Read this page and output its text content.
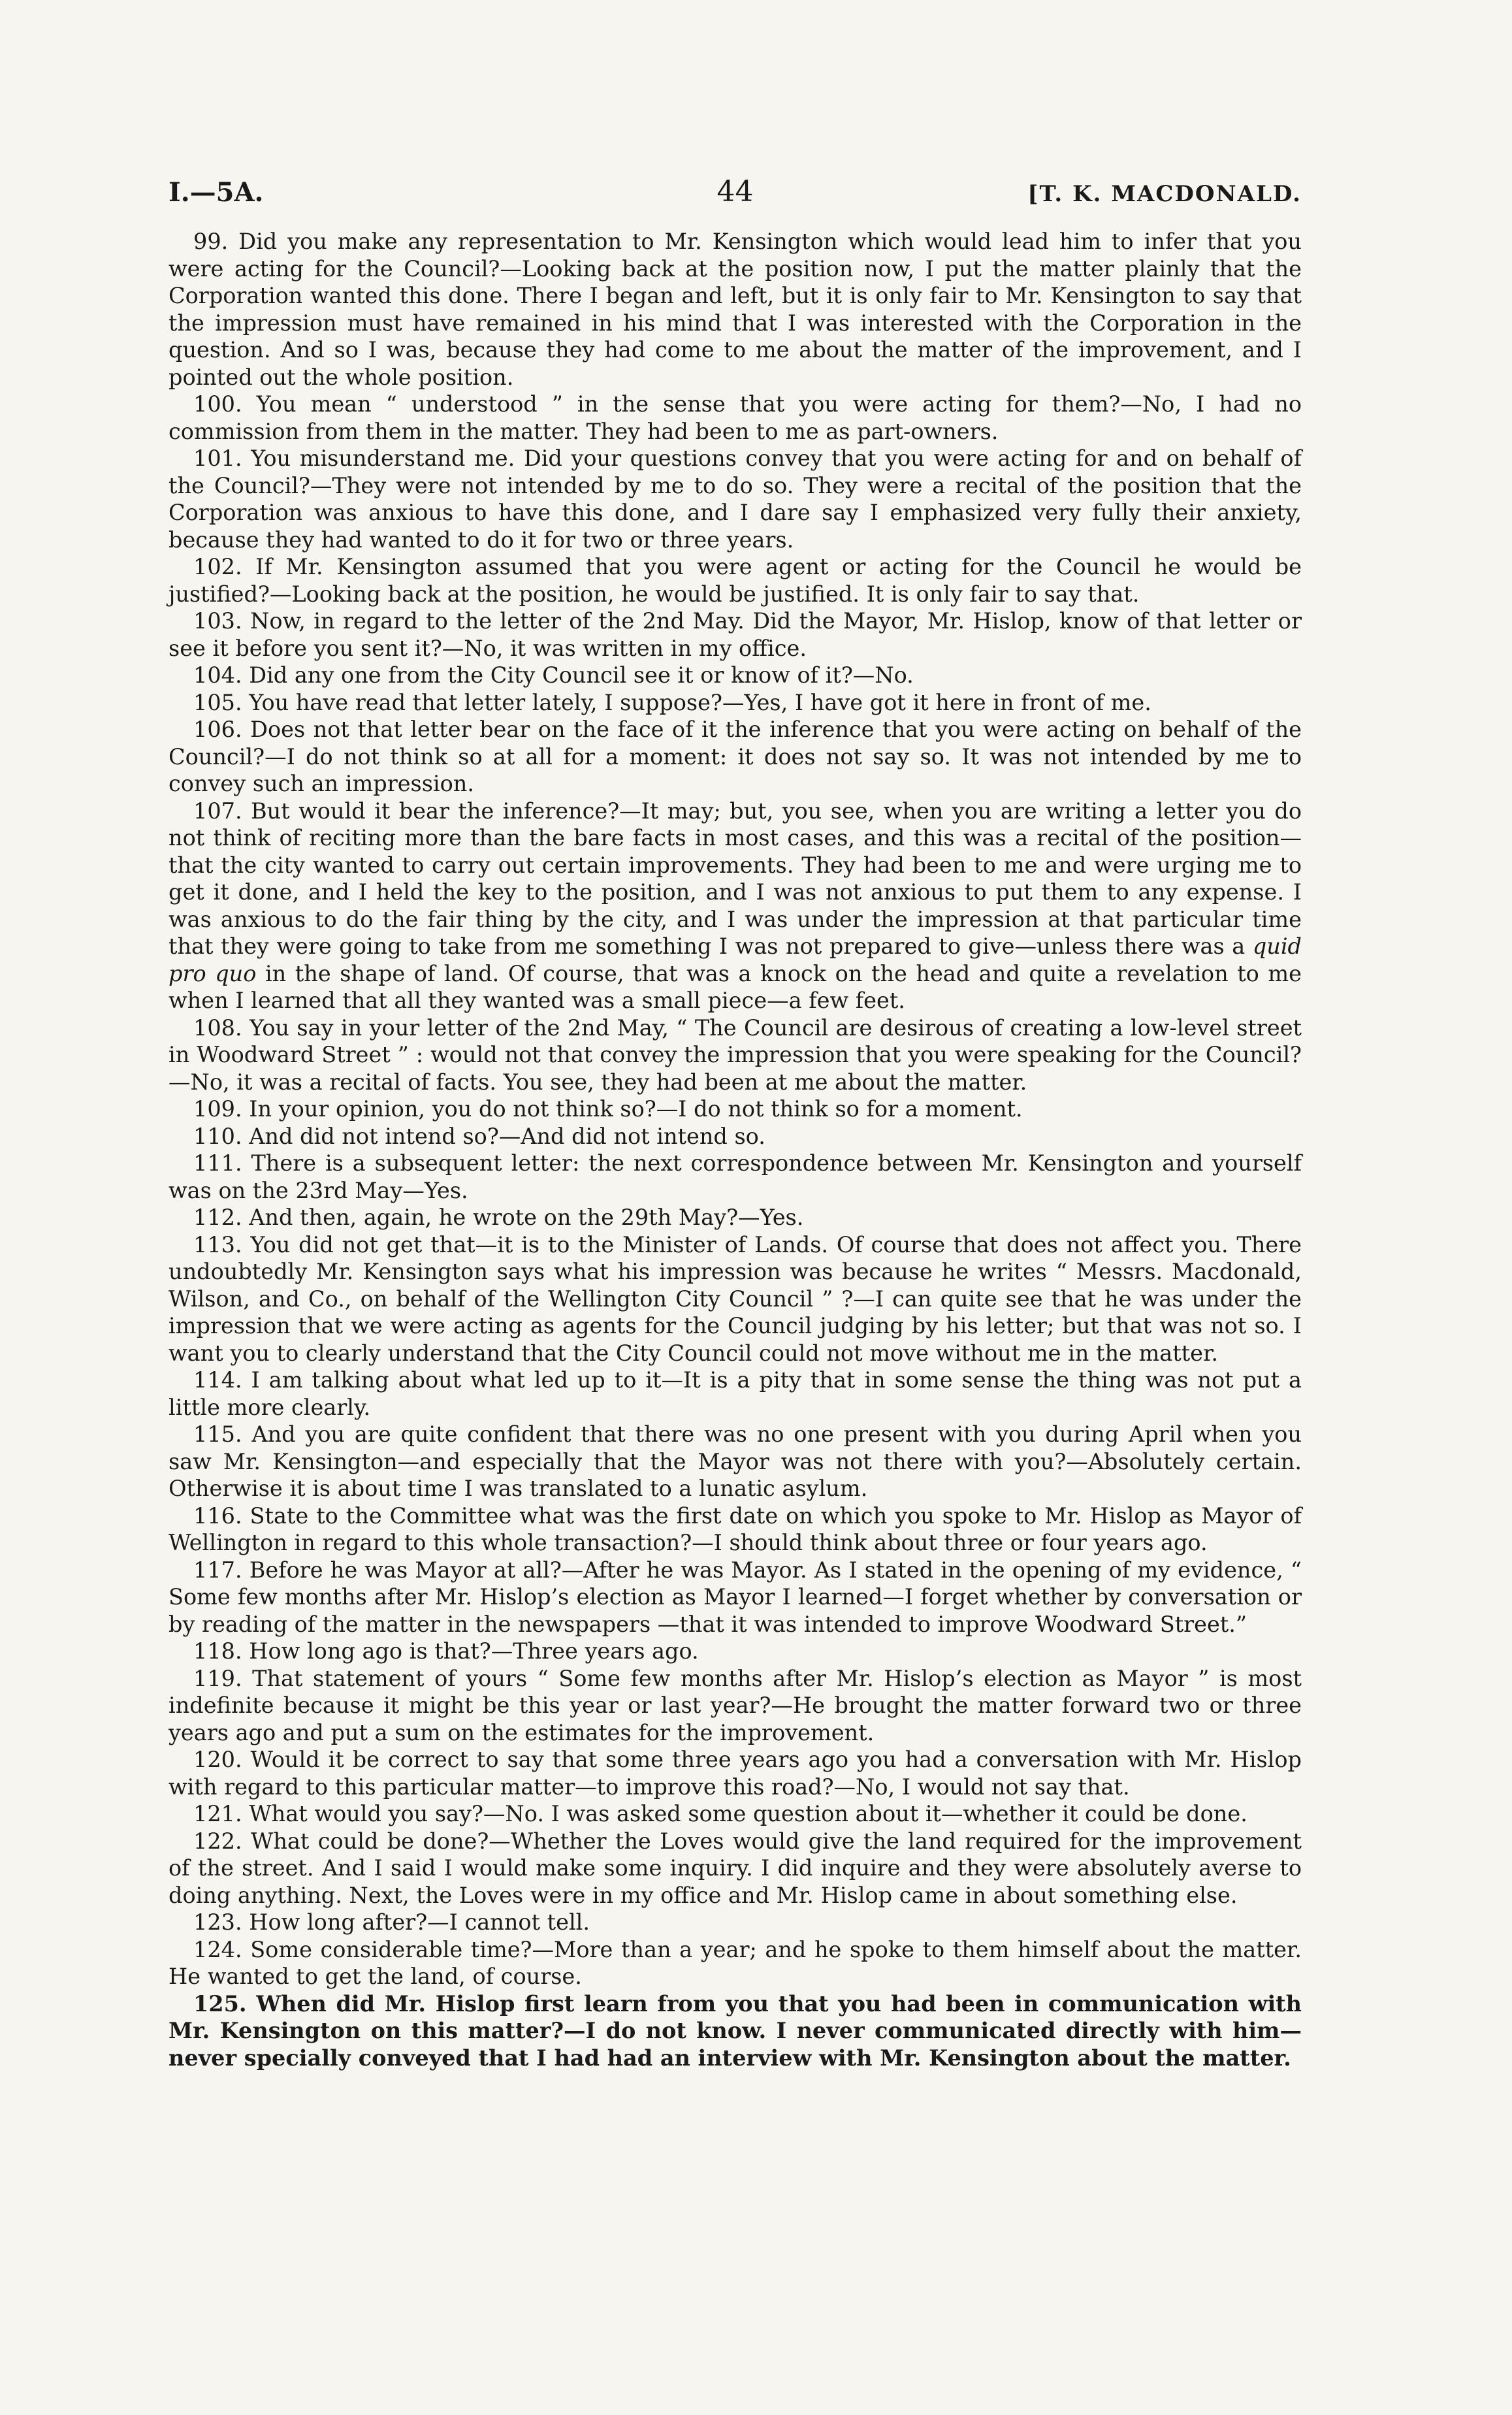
I.—5A.	44	[T. K. MACDONALD.

99. Did you make any representation to Mr. Kensington which would lead him to infer that you were acting for the Council?—Looking back at the position now, I put the matter plainly that the Corporation wanted this done. There I began and left, but it is only fair to Mr. Kensington to say that the impression must have remained in his mind that I was interested with the Corporation in the question. And so I was, because they had come to me about the matter of the improvement, and I pointed out the whole position.

100. You mean “ understood ” in the sense that you were acting for them?—No, I had no commission from them in the matter. They had been to me as part-owners.

101. You misunderstand me. Did your questions convey that you were acting for and on behalf of the Council?—They were not intended by me to do so. They were a recital of the position that the Corporation was anxious to have this done, and I dare say I emphasized very fully their anxiety, because they had wanted to do it for two or three years.

102. If Mr. Kensington assumed that you were agent or acting for the Council he would be justified?—Looking back at the position, he would be justified. It is only fair to say that.

103. Now, in regard to the letter of the 2nd May. Did the Mayor, Mr. Hislop, know of that letter or see it before you sent it?—No, it was written in my office.

104. Did any one from the City Council see it or know of it?—No.

105. You have read that letter lately, I suppose?—Yes, I have got it here in front of me.

106. Does not that letter bear on the face of it the inference that you were acting on behalf of the Council?—I do not think so at all for a moment: it does not say so. It was not intended by me to convey such an impression.

107. But would it bear the inference?—It may; but, you see, when you are writing a letter you do not think of reciting more than the bare facts in most cases, and this was a recital of the position—that the city wanted to carry out certain improvements. They had been to me and were urging me to get it done, and I held the key to the position, and I was not anxious to put them to any expense. I was anxious to do the fair thing by the city, and I was under the impression at that particular time that they were going to take from me something I was not prepared to give—unless there was a quid pro quo in the shape of land. Of course, that was a knock on the head and quite a revelation to me when I learned that all they wanted was a small piece—a few feet.

108. You say in your letter of the 2nd May, “ The Council are desirous of creating a low-level street in Woodward Street ” : would not that convey the impression that you were speaking for the Council?—No, it was a recital of facts. You see, they had been at me about the matter.

109. In your opinion, you do not think so?—I do not think so for a moment.

110. And did not intend so?—And did not intend so.

111. There is a subsequent letter: the next correspondence between Mr. Kensington and yourself was on the 23rd May—Yes.

112. And then, again, he wrote on the 29th May?—Yes.

113. You did not get that—it is to the Minister of Lands. Of course that does not affect you. There undoubtedly Mr. Kensington says what his impression was because he writes “ Messrs. Macdonald, Wilson, and Co., on behalf of the Wellington City Council ” ?—I can quite see that he was under the impression that we were acting as agents for the Council judging by his letter; but that was not so. I want you to clearly understand that the City Council could not move without me in the matter.

114. I am talking about what led up to it—It is a pity that in some sense the thing was not put a little more clearly.

115. And you are quite confident that there was no one present with you during April when you saw Mr. Kensington—and especially that the Mayor was not there with you?—Absolutely certain. Otherwise it is about time I was translated to a lunatic asylum.

116. State to the Committee what was the first date on which you spoke to Mr. Hislop as Mayor of Wellington in regard to this whole transaction?—I should think about three or four years ago.

117. Before he was Mayor at all?—After he was Mayor. As I stated in the opening of my evidence, “ Some few months after Mr. Hislop’s election as Mayor I learned—I forget whether by conversation or by reading of the matter in the newspapers —that it was intended to improve Woodward Street.”

118. How long ago is that?—Three years ago.

119. That statement of yours “ Some few months after Mr. Hislop’s election as Mayor ” is most indefinite because it might be this year or last year?—He brought the matter forward two or three years ago and put a sum on the estimates for the improvement.

120. Would it be correct to say that some three years ago you had a conversation with Mr. Hislop with regard to this particular matter—to improve this road?—No, I would not say that.

121. What would you say?—No. I was asked some question about it—whether it could be done.

122. What could be done?—Whether the Loves would give the land required for the improvement of the street. And I said I would make some inquiry. I did inquire and they were absolutely averse to doing anything. Next, the Loves were in my office and Mr. Hislop came in about something else.

123. How long after?—I cannot tell.

124. Some considerable time?—More than a year; and he spoke to them himself about the matter. He wanted to get the land, of course.

125. When did Mr. Hislop first learn from you that you had been in communication with Mr. Kensington on this matter?—I do not know. I never communicated directly with him—never specially conveyed that I had had an interview with Mr. Kensington about the matter.
